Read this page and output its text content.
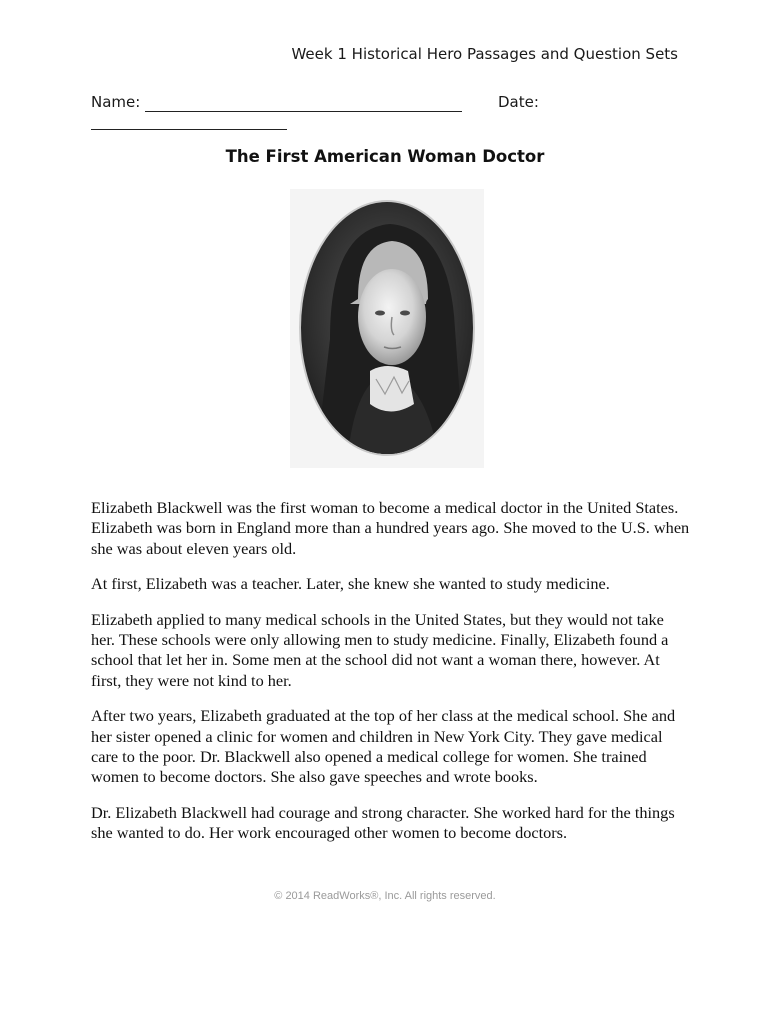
Week 1 Historical Hero Passages and Question Sets
Name:	Date:
The First American Woman Doctor

Elizabeth Blackwell was the first woman to become a medical doctor in the United States. Elizabeth was born in England more than a hundred years ago. She moved to the U.S. when she was about eleven years old.

At first, Elizabeth was a teacher. Later, she knew she wanted to study medicine.

Elizabeth applied to many medical schools in the United States, but they would not take her. These schools were only allowing men to study medicine. Finally, Elizabeth found a school that let her in. Some men at the school did not want a woman there, however. At first, they were not kind to her.

After two years, Elizabeth graduated at the top of her class at the medical school. She and her sister opened a clinic for women and children in New York City. They gave medical care to the poor. Dr. Blackwell also opened a medical college for women. She trained women to become doctors. She also gave speeches and wrote books.

Dr. Elizabeth Blackwell had courage and strong character. She worked hard for the things she wanted to do. Her work encouraged other women to become doctors.

© 2014 ReadWorks®, Inc. All rights reserved.
